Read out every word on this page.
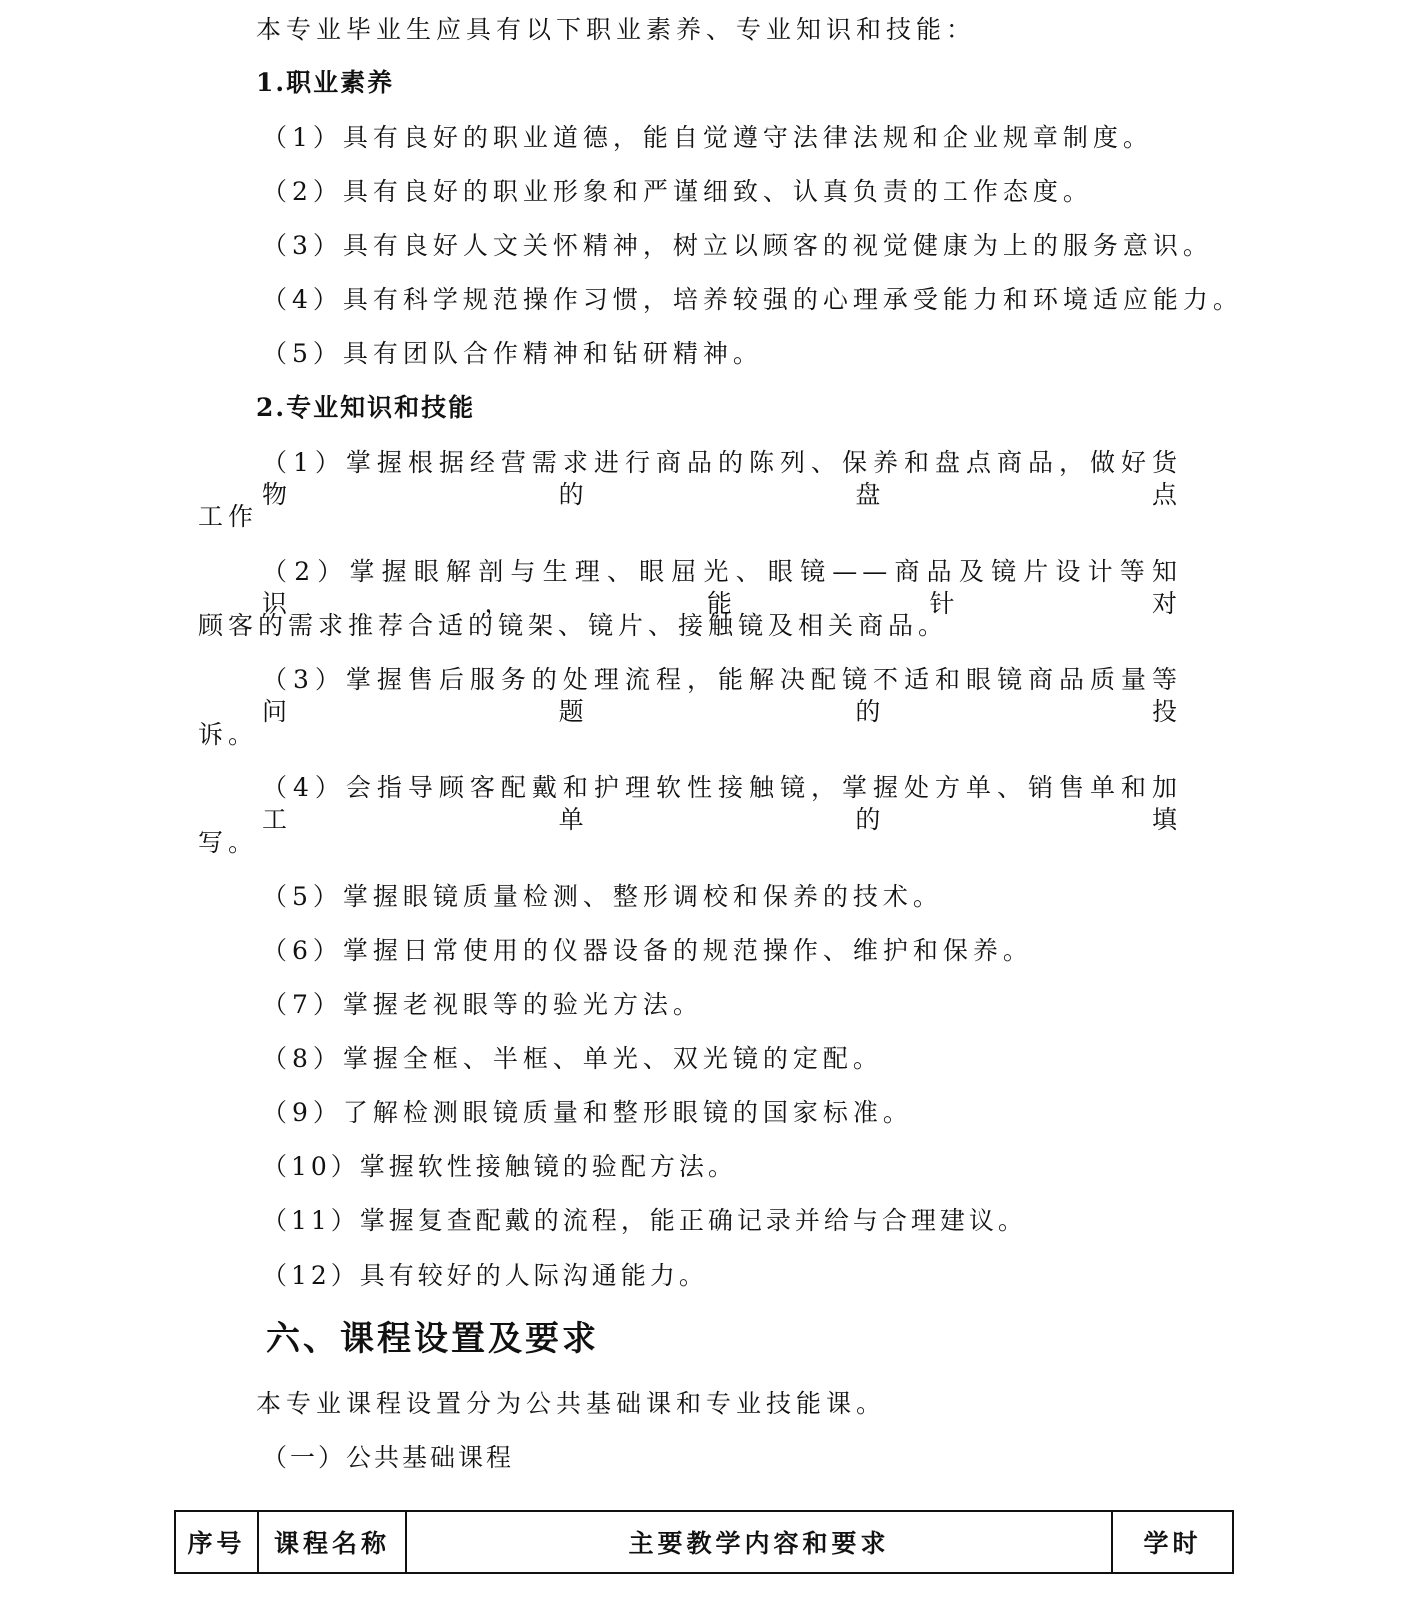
本专业毕业生应具有以下职业素养、专业知识和技能：
1.职业素养
（1）具有良好的职业道德，能自觉遵守法律法规和企业规章制度。
（2）具有良好的职业形象和严谨细致、认真负责的工作态度。
（3）具有良好人文关怀精神，树立以顾客的视觉健康为上的服务意识。
（4）具有科学规范操作习惯，培养较强的心理承受能力和环境适应能力。
（5）具有团队合作精神和钻研精神。
2.专业知识和技能
（1）掌握根据经营需求进行商品的陈列、保养和盘点商品，做好货物的盘点
工作
（2）掌握眼解剖与生理、眼屈光、眼镜——商品及镜片设计等知识，能针对
顾客的需求推荐合适的镜架、镜片、接触镜及相关商品。
（3）掌握售后服务的处理流程，能解决配镜不适和眼镜商品质量等问题的投
诉。
（4）会指导顾客配戴和护理软性接触镜，掌握处方单、销售单和加工单的填
写。
（5）掌握眼镜质量检测、整形调校和保养的技术。
（6）掌握日常使用的仪器设备的规范操作、维护和保养。
（7）掌握老视眼等的验光方法。
（8）掌握全框、半框、单光、双光镜的定配。
（9）了解检测眼镜质量和整形眼镜的国家标准。
（10）掌握软性接触镜的验配方法。
（11）掌握复查配戴的流程，能正确记录并给与合理建议。
（12）具有较好的人际沟通能力。
六、课程设置及要求
本专业课程设置分为公共基础课和专业技能课。
（一）公共基础课程
序号	课程名称	主要教学内容和要求	学时
